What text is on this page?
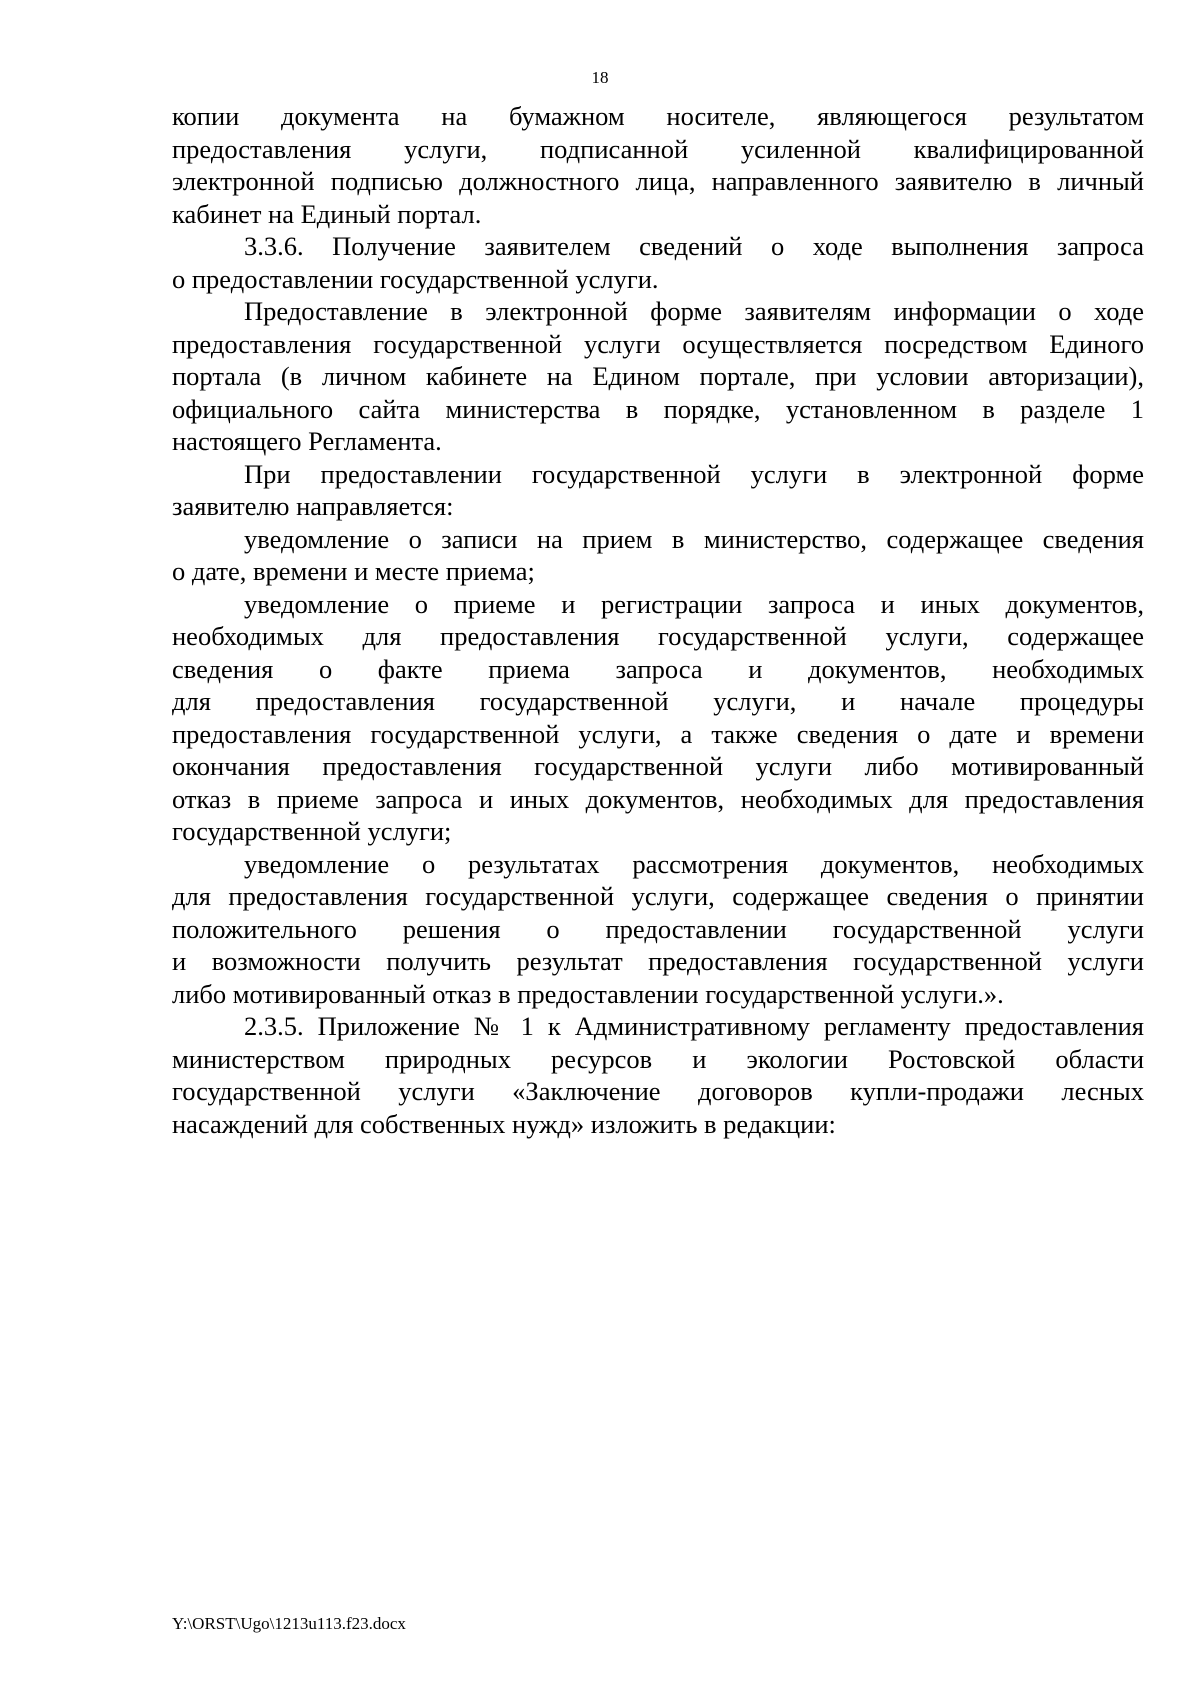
18

копии документа на бумажном носителе, являющегося результатом

предоставления услуги, подписанной усиленной квалифицированной

электронной подписью должностного лица, направленного заявителю в личный

кабинет на Единый портал.

3.3.6. Получение заявителем сведений о ходе выполнения запроса

о предоставлении государственной услуги.

Предоставление в электронной форме заявителям информации о ходе

предоставления государственной услуги осуществляется посредством Единого

портала (в личном кабинете на Едином портале, при условии авторизации),

официального сайта министерства в порядке, установленном в разделе 1

настоящего Регламента.

При предоставлении государственной услуги в электронной форме

заявителю направляется:

уведомление о записи на прием в министерство, содержащее сведения

о дате, времени и месте приема;

уведомление о приеме и регистрации запроса и иных документов,

необходимых для предоставления государственной услуги, содержащее

сведения о факте приема запроса и документов, необходимых

для предоставления государственной услуги, и начале процедуры

предоставления государственной услуги, а также сведения о дате и времени

окончания предоставления государственной услуги либо мотивированный

отказ в приеме запроса и иных документов, необходимых для предоставления

государственной услуги;

уведомление о результатах рассмотрения документов, необходимых

для предоставления государственной услуги, содержащее сведения о принятии

положительного решения о предоставлении государственной услуги

и возможности получить результат предоставления государственной услуги

либо мотивированный отказ в предоставлении государственной услуги.».

2.3.5. Приложение № 1 к Административному регламенту предоставления

министерством природных ресурсов и экологии Ростовской области

государственной услуги «Заключение договоров купли-продажи лесных

насаждений для собственных нужд» изложить в редакции:

Y:\ORST\Ugo\1213u113.f23.docx
